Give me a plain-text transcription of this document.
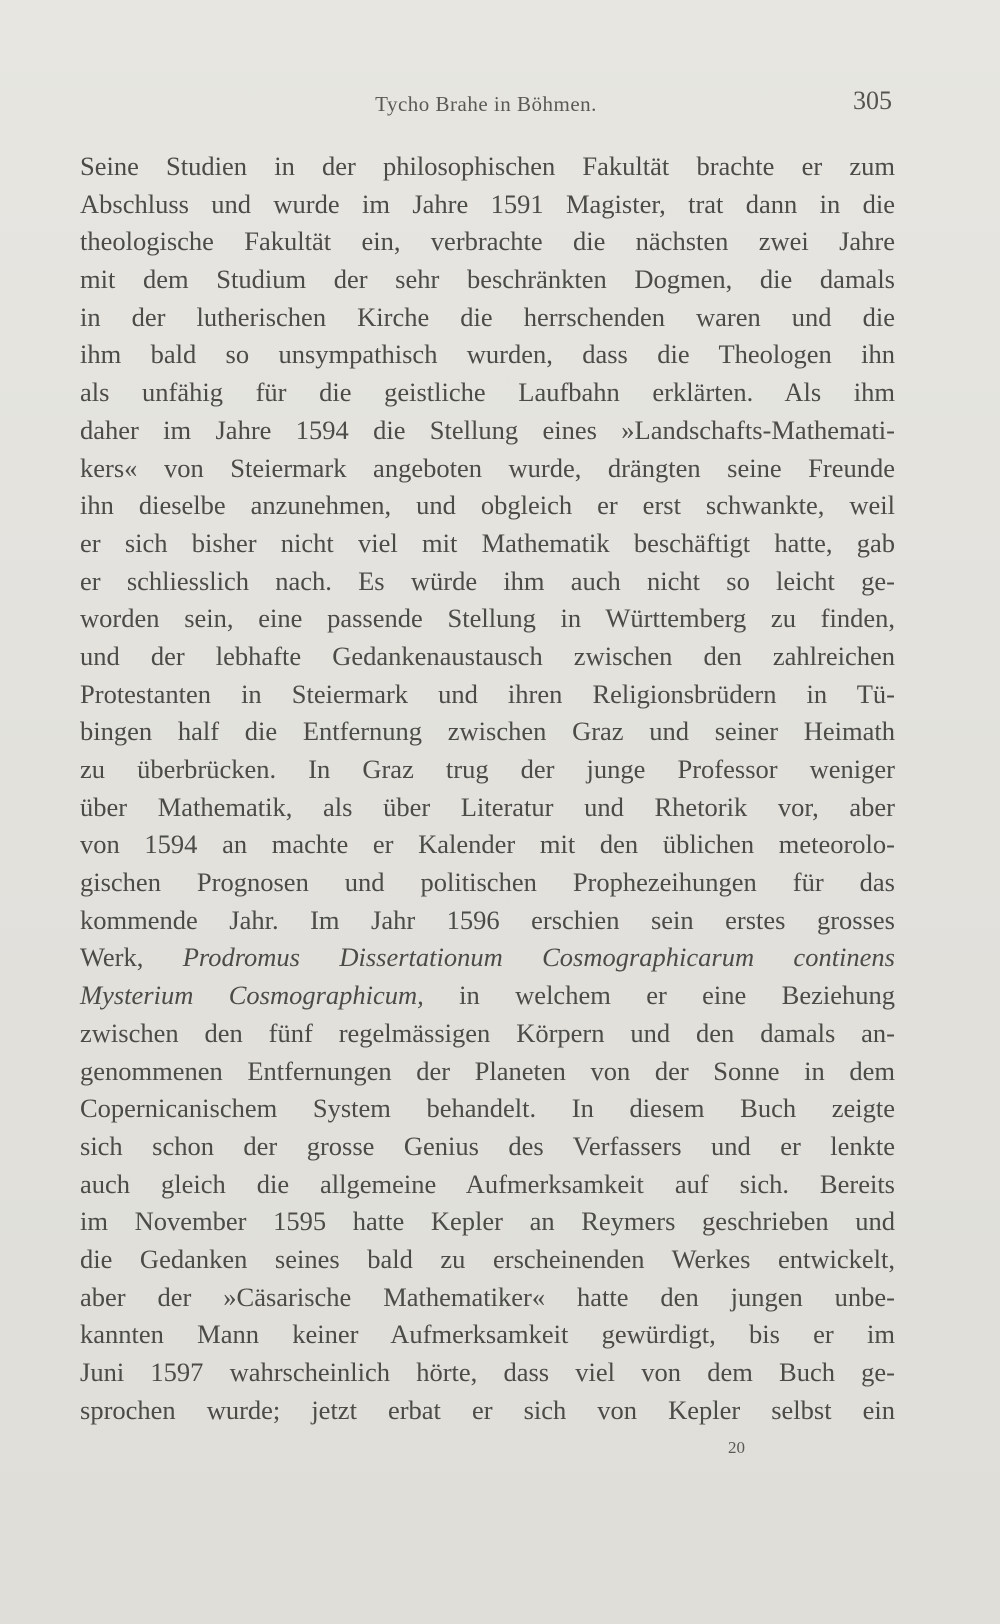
Tycho Brahe in Böhmen.	305
Seine Studien in der philosophischen Fakultät brachte er zum
Abschluss und wurde im Jahre 1591 Magister, trat dann in die
theologische Fakultät ein, verbrachte die nächsten zwei Jahre
mit dem Studium der sehr beschränkten Dogmen, die damals
in der lutherischen Kirche die herrschenden waren und die
ihm bald so unsympathisch wurden, dass die Theologen ihn
als unfähig für die geistliche Laufbahn erklärten. Als ihm
daher im Jahre 1594 die Stellung eines »Landschafts-Mathemati-
kers« von Steiermark angeboten wurde, drängten seine Freunde
ihn dieselbe anzunehmen, und obgleich er erst schwankte, weil
er sich bisher nicht viel mit Mathematik beschäftigt hatte, gab
er schliesslich nach. Es würde ihm auch nicht so leicht ge-
worden sein, eine passende Stellung in Württemberg zu finden,
und der lebhafte Gedankenaustausch zwischen den zahlreichen
Protestanten in Steiermark und ihren Religionsbrüdern in Tü-
bingen half die Entfernung zwischen Graz und seiner Heimath
zu überbrücken. In Graz trug der junge Professor weniger
über Mathematik, als über Literatur und Rhetorik vor, aber
von 1594 an machte er Kalender mit den üblichen meteorolo-
gischen Prognosen und politischen Prophezeihungen für das
kommende Jahr. Im Jahr 1596 erschien sein erstes grosses
Werk, Prodromus Dissertationum Cosmographicarum continens
Mysterium Cosmographicum, in welchem er eine Beziehung
zwischen den fünf regelmässigen Körpern und den damals an-
genommenen Entfernungen der Planeten von der Sonne in dem
Copernicanischem System behandelt. In diesem Buch zeigte
sich schon der grosse Genius des Verfassers und er lenkte
auch gleich die allgemeine Aufmerksamkeit auf sich. Bereits
im November 1595 hatte Kepler an Reymers geschrieben und
die Gedanken seines bald zu erscheinenden Werkes entwickelt,
aber der »Cäsarische Mathematiker« hatte den jungen unbe-
kannten Mann keiner Aufmerksamkeit gewürdigt, bis er im
Juni 1597 wahrscheinlich hörte, dass viel von dem Buch ge-
sprochen wurde; jetzt erbat er sich von Kepler selbst ein
20
